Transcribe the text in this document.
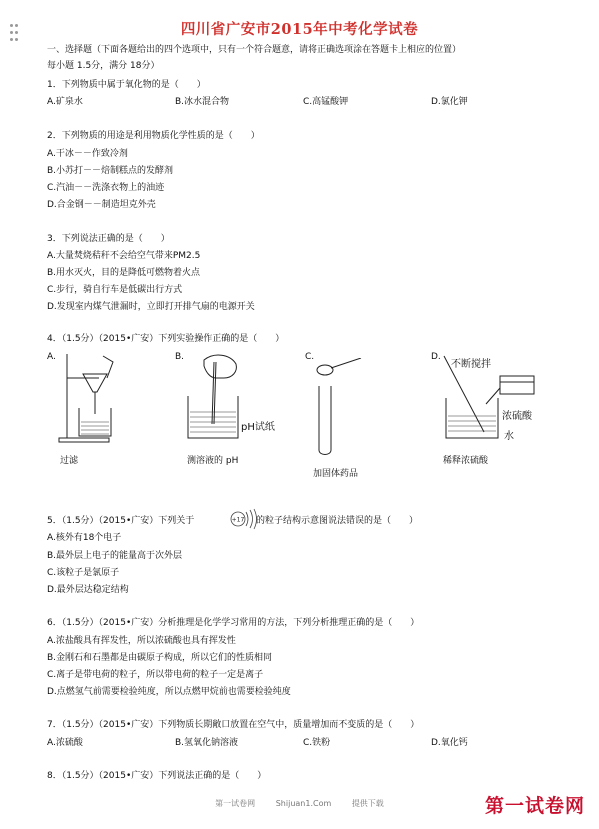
四川省广安市2015年中考化学试卷
一、选择题（下面各题给出的四个选项中，只有一个符合题意，请将正确选项涂在答题卡上相应的位置）
每小题 1.5分，满分 18分）
1．下列物质中属于氧化物的是（　　）
A.矿泉水	B.冰水混合物	C.高锰酸钾	D.氯化钾
2．下列物质的用途是利用物质化学性质的是（　　）
A.干冰－－作致冷剂
B.小苏打－－焙制糕点的发酵剂
C.汽油－－洗涤衣物上的油迹
D.合金钢－－制造坦克外壳
3．下列说法正确的是（　　）
A.大量焚烧秸秆不会给空气带来PM2.5
B.用水灭火，目的是降低可燃物着火点
C.步行，骑自行车是低碳出行方式
D.发现室内煤气泄漏时，立即打开排气扇的电源开关
4．（1.5分）（2015•广安）下列实验操作正确的是（　　）
A.	B.	C.	D.
过滤
pH试纸
测溶液的 pH
加固体药品
不断搅拌
浓硫酸
水
稀释浓硫酸
5．（1.5分）（2015•广安）下列关于	+17 的粒子结构示意图说法错误的是（　　）
A.核外有18个电子
B.最外层上电子的能量高于次外层
C.该粒子是氯原子
D.最外层达稳定结构
6．（1.5分）（2015•广安）分析推理是化学学习常用的方法，下列分析推理正确的是（　　）
A.浓盐酸具有挥发性，所以浓硫酸也具有挥发性
B.金刚石和石墨都是由碳原子构成，所以它们的性质相同
C.离子是带电荷的粒子，所以带电荷的粒子一定是离子
D.点燃氢气前需要检验纯度，所以点燃甲烷前也需要检验纯度
7．（1.5分）（2015•广安）下列物质长期敞口放置在空气中，质量增加而不变质的是（　　）
A.浓硫酸	B.氢氧化钠溶液	C.铁粉	D.氧化钙
8．（1.5分）（2015•广安）下列说法正确的是（　　）
第一试卷网	Shijuan1.Com	提供下载	第一试卷网
